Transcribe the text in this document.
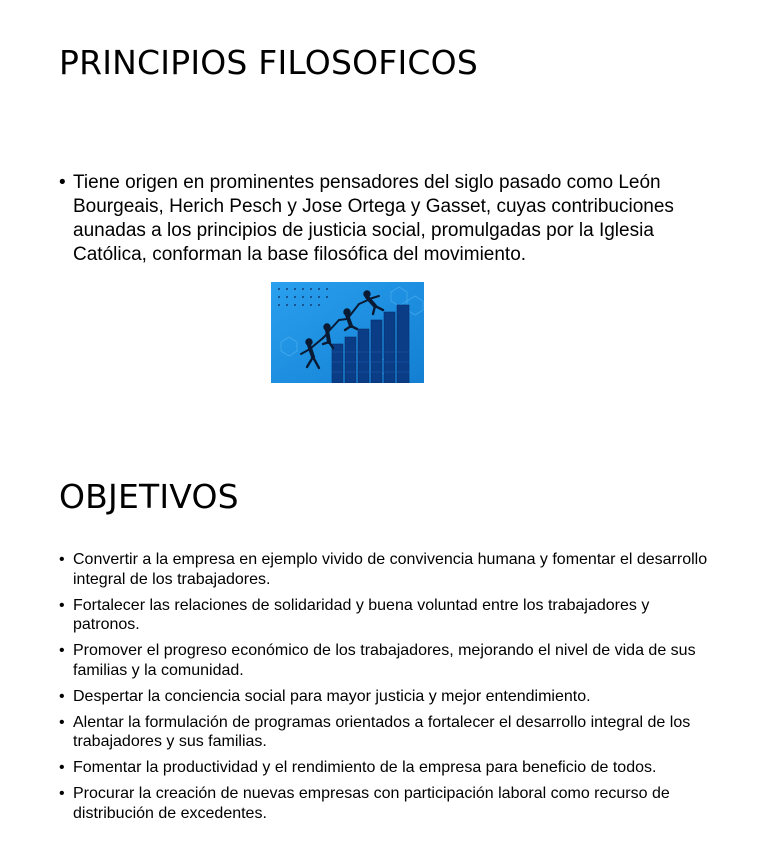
PRINCIPIOS FILOSOFICOS
• Tiene origen en prominentes pensadores del siglo pasado como León Bourgeais, Herich Pesch y Jose Ortega y Gasset, cuyas contribuciones aunadas a los principios de justicia social, promulgadas por la Iglesia Católica, conforman la base filosófica del movimiento.
OBJETIVOS
• Convertir a la empresa en ejemplo vivido de convivencia humana y fomentar el desarrollo integral de los trabajadores.
• Fortalecer las relaciones de solidaridad y buena voluntad entre los trabajadores y patronos.
• Promover el progreso económico de los trabajadores, mejorando el nivel de vida de sus familias y la comunidad.
• Despertar la conciencia social para mayor justicia y mejor entendimiento.
• Alentar la formulación de programas orientados a fortalecer el desarrollo integral de los trabajadores y sus familias.
• Fomentar la productividad y el rendimiento de la empresa para beneficio de todos.
• Procurar la creación de nuevas empresas con participación laboral como recurso de distribución de excedentes.
